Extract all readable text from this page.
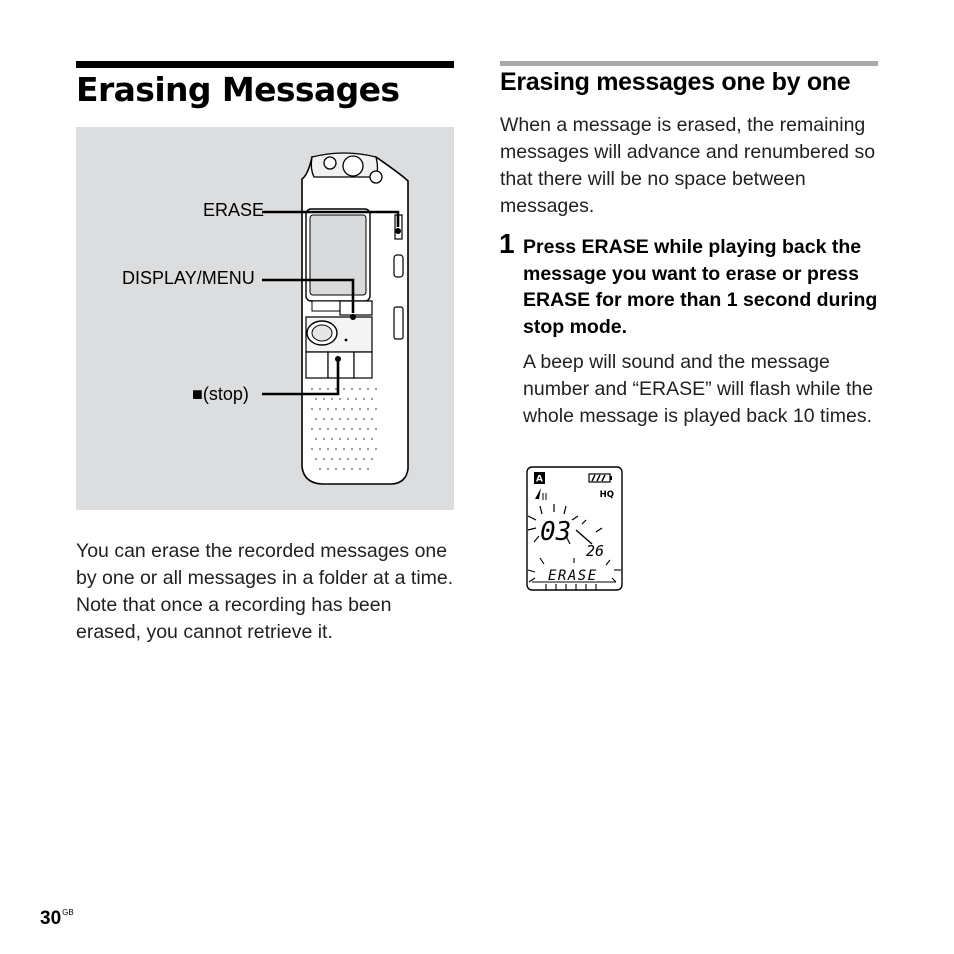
Erasing Messages
ERASE
DISPLAY/MENU
■(stop)
You can erase the recorded messages one by one or all messages in a folder at a time.
Note that once a recording has been erased, you cannot retrieve it.
Erasing messages one by one

When a message is erased, the remaining messages will advance and renumbered so that there will be no space between messages.

1 Press ERASE while playing back the message you want to erase or press ERASE for more than 1 second during stop mode.

A beep will sound and the message number and “ERASE” will flash while the whole message is played back 10 times.

A
HQ
03
26
ERASE
$30^{GB}$
